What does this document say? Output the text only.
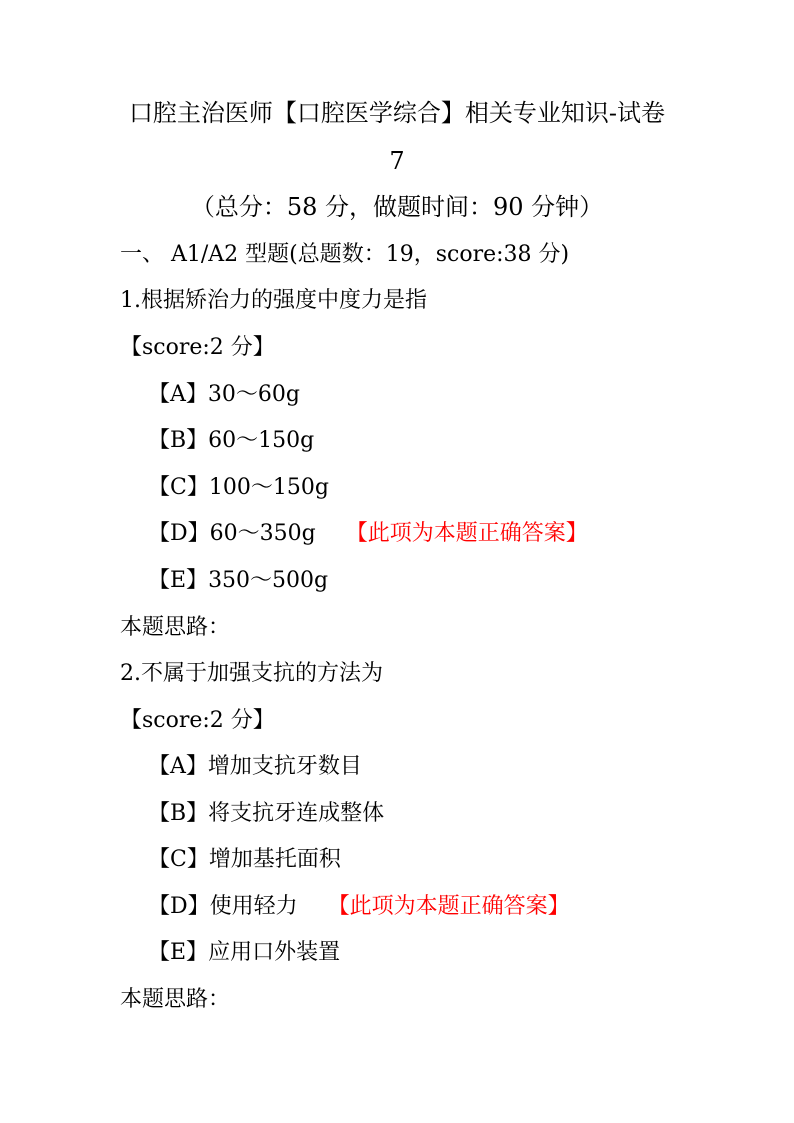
口腔主治医师【口腔医学综合】相关专业知识-试卷
7
（总分：58 分，做题时间：90 分钟）
一、 A1/A2 型题(总题数：19，score:38 分)
1.根据矫治力的强度中度力是指
【score:2 分】
【A】30～60g
【B】60～150g
【C】100～150g
【D】60～350g 【此项为本题正确答案】
【E】350～500g
本题思路：
2.不属于加强支抗的方法为
【score:2 分】
【A】增加支抗牙数目
【B】将支抗牙连成整体
【C】增加基托面积
【D】使用轻力 【此项为本题正确答案】
【E】应用口外装置
本题思路：
